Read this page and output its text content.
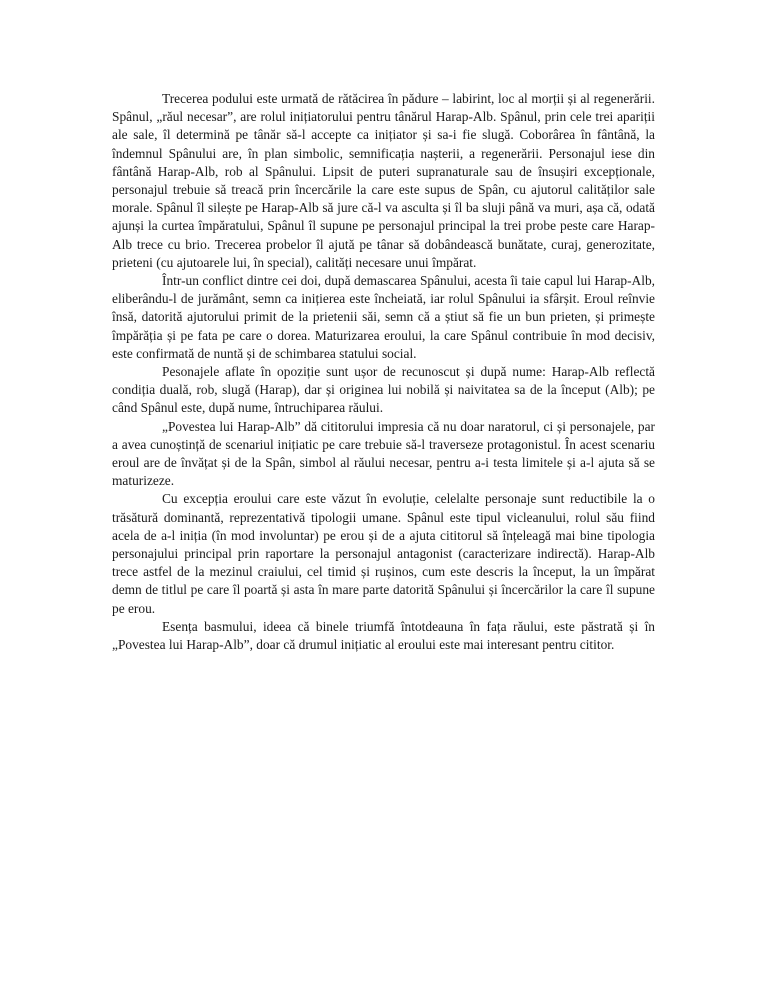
Trecerea podului este urmată de rătăcirea în pădure – labirint, loc al morții și al regenerării. Spânul, „răul necesar”, are rolul inițiatorului pentru tânărul Harap-Alb. Spânul, prin cele trei apariții ale sale, îl determină pe tânăr să-l accepte ca inițiator și sa-i fie slugă. Coborârea în fântână, la îndemnul Spânului are, în plan simbolic, semnificația nașterii, a regenerării. Personajul iese din fântână Harap-Alb, rob al Spânului. Lipsit de puteri supranaturale sau de însușiri excepționale, personajul trebuie să treacă prin încercările la care este supus de Spân, cu ajutorul calităților sale morale. Spânul îl silește pe Harap-Alb să jure că-l va asculta și îl ba sluji până va muri, așa că, odată ajunși la curtea împăratului, Spânul îl supune pe personajul principal la trei probe peste care Harap-Alb trece cu brio. Trecerea probelor îl ajută pe tânar să dobândească bunătate, curaj, generozitate, prieteni (cu ajutoarele lui, în special), calități necesare unui împărat.

Într-un conflict dintre cei doi, după demascarea Spânului, acesta îi taie capul lui Harap-Alb, eliberându-l de jurământ, semn ca inițierea este încheiată, iar rolul Spânului ia sfârșit. Eroul reînvie însă, datorită ajutorului primit de la prietenii săi, semn că a știut să fie un bun prieten, și primește împărăția și pe fata pe care o dorea. Maturizarea eroului, la care Spânul contribuie în mod decisiv, este confirmată de nuntă și de schimbarea statului social.

Pesonajele aflate în opoziție sunt ușor de recunoscut și după nume: Harap-Alb reflectă condiția duală, rob, slugă (Harap), dar și originea lui nobilă și naivitatea sa de la început (Alb); pe când Spânul este, după nume, întruchiparea răului.

„Povestea lui Harap-Alb” dă cititorului impresia că nu doar naratorul, ci și personajele, par a avea cunoștință de scenariul inițiatic pe care trebuie să-l traverseze protagonistul. În acest scenariu eroul are de învățat și de la Spân, simbol al răului necesar, pentru a-i testa limitele și a-l ajuta să se maturizeze.

Cu excepția eroului care este văzut în evoluție, celelalte personaje sunt reductibile la o trăsătură dominantă, reprezentativă tipologii umane. Spânul este tipul vicleanului, rolul său fiind acela de a-l iniția (în mod involuntar) pe erou și de a ajuta cititorul să înțeleagă mai bine tipologia personajului principal prin raportare la personajul antagonist (caracterizare indirectă). Harap-Alb trece astfel de la mezinul craiului, cel timid și rușinos, cum este descris la început, la un împărat demn de titlul pe care îl poartă și asta în mare parte datorită Spânului și încercărilor la care îl supune pe erou.

Esența basmului, ideea că binele triumfă întotdeauna în fața răului, este păstrată și în „Povestea lui Harap-Alb”, doar că drumul inițiatic al eroului este mai interesant pentru cititor.
